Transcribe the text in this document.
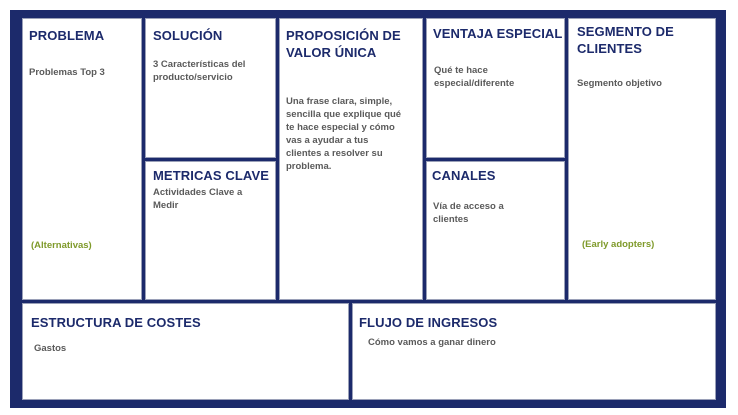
PROBLEMA
Problemas Top 3
(Alternativas)
SOLUCIÓN
3 Características del producto/servicio
METRICAS CLAVE
Actividades Clave a Medir
PROPOSICIÓN DE VALOR ÚNICA
Una frase clara, simple, sencilla que explique qué te hace especial y cómo vas a ayudar a tus clientes a resolver su problema.
VENTAJA ESPECIAL
Qué te hace especial/diferente
CANALES
Vía de acceso a clientes
SEGMENTO DE CLIENTES
Segmento objetivo
(Early adopters)
ESTRUCTURA DE COSTES
Gastos
FLUJO DE INGRESOS
Cómo vamos a ganar dinero
